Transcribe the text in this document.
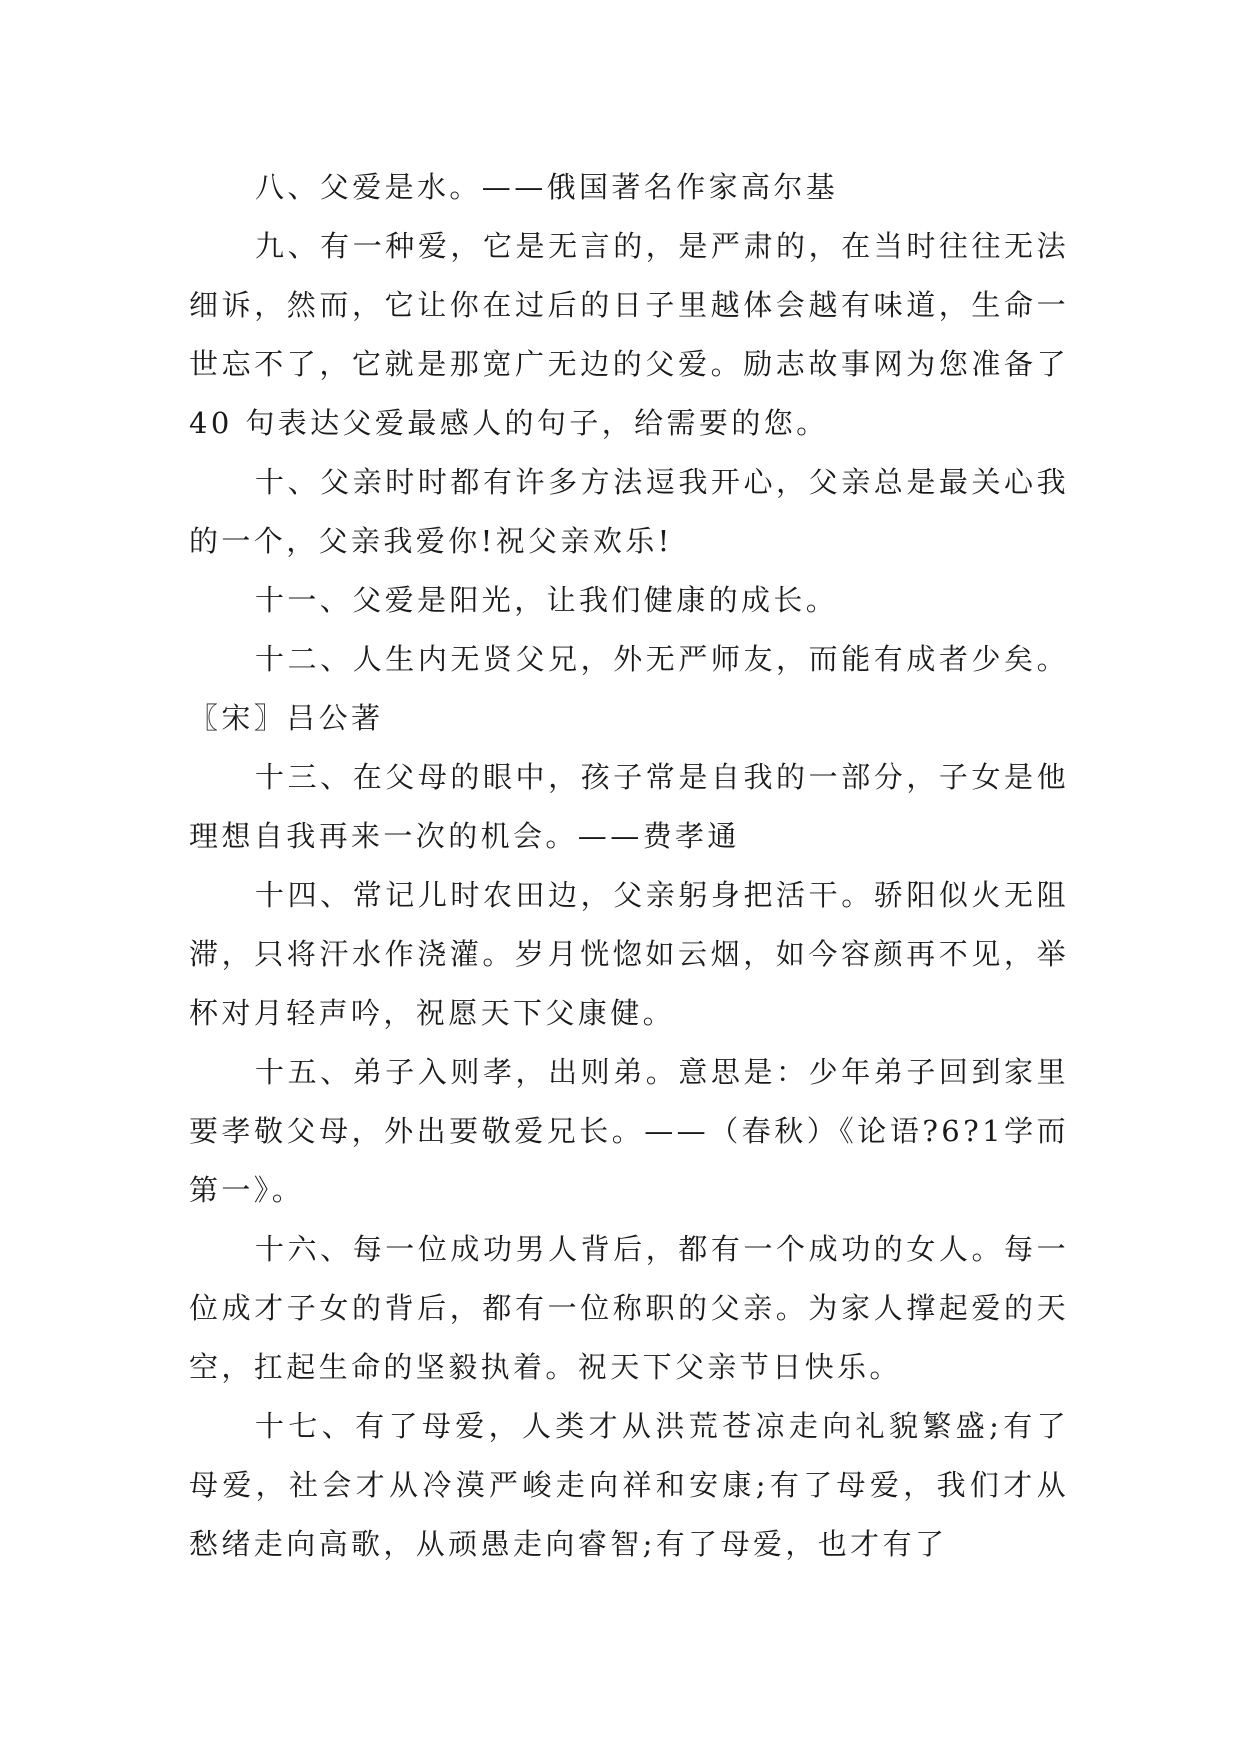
八、父爱是水。——俄国著名作家高尔基

九、有一种爱，它是无言的，是严肃的，在当时往往无法细诉，然而，它让你在过后的日子里越体会越有味道，生命一世忘不了，它就是那宽广无边的父爱。励志故事网为您准备了 40 句表达父爱最感人的句子，给需要的您。

十、父亲时时都有许多方法逗我开心，父亲总是最关心我的一个，父亲我爱你!祝父亲欢乐!

十一、父爱是阳光，让我们健康的成长。

十二、人生内无贤父兄，外无严师友，而能有成者少矣。〖宋〗吕公著

十三、在父母的眼中，孩子常是自我的一部分，子女是他理想自我再来一次的机会。——费孝通

十四、常记儿时农田边，父亲躬身把活干。骄阳似火无阻滞，只将汗水作浇灌。岁月恍惚如云烟，如今容颜再不见，举杯对月轻声吟，祝愿天下父康健。

十五、弟子入则孝，出则弟。意思是：少年弟子回到家里要孝敬父母，外出要敬爱兄长。——（春秋）《论语?6?1学而第一》。

十六、每一位成功男人背后，都有一个成功的女人。每一位成才子女的背后，都有一位称职的父亲。为家人撑起爱的天空，扛起生命的坚毅执着。祝天下父亲节日快乐。

十七、有了母爱，人类才从洪荒苍凉走向礼貌繁盛;有了母爱，社会才从冷漠严峻走向祥和安康;有了母爱，我们才从愁绪走向高歌，从顽愚走向睿智;有了母爱，也才有了
